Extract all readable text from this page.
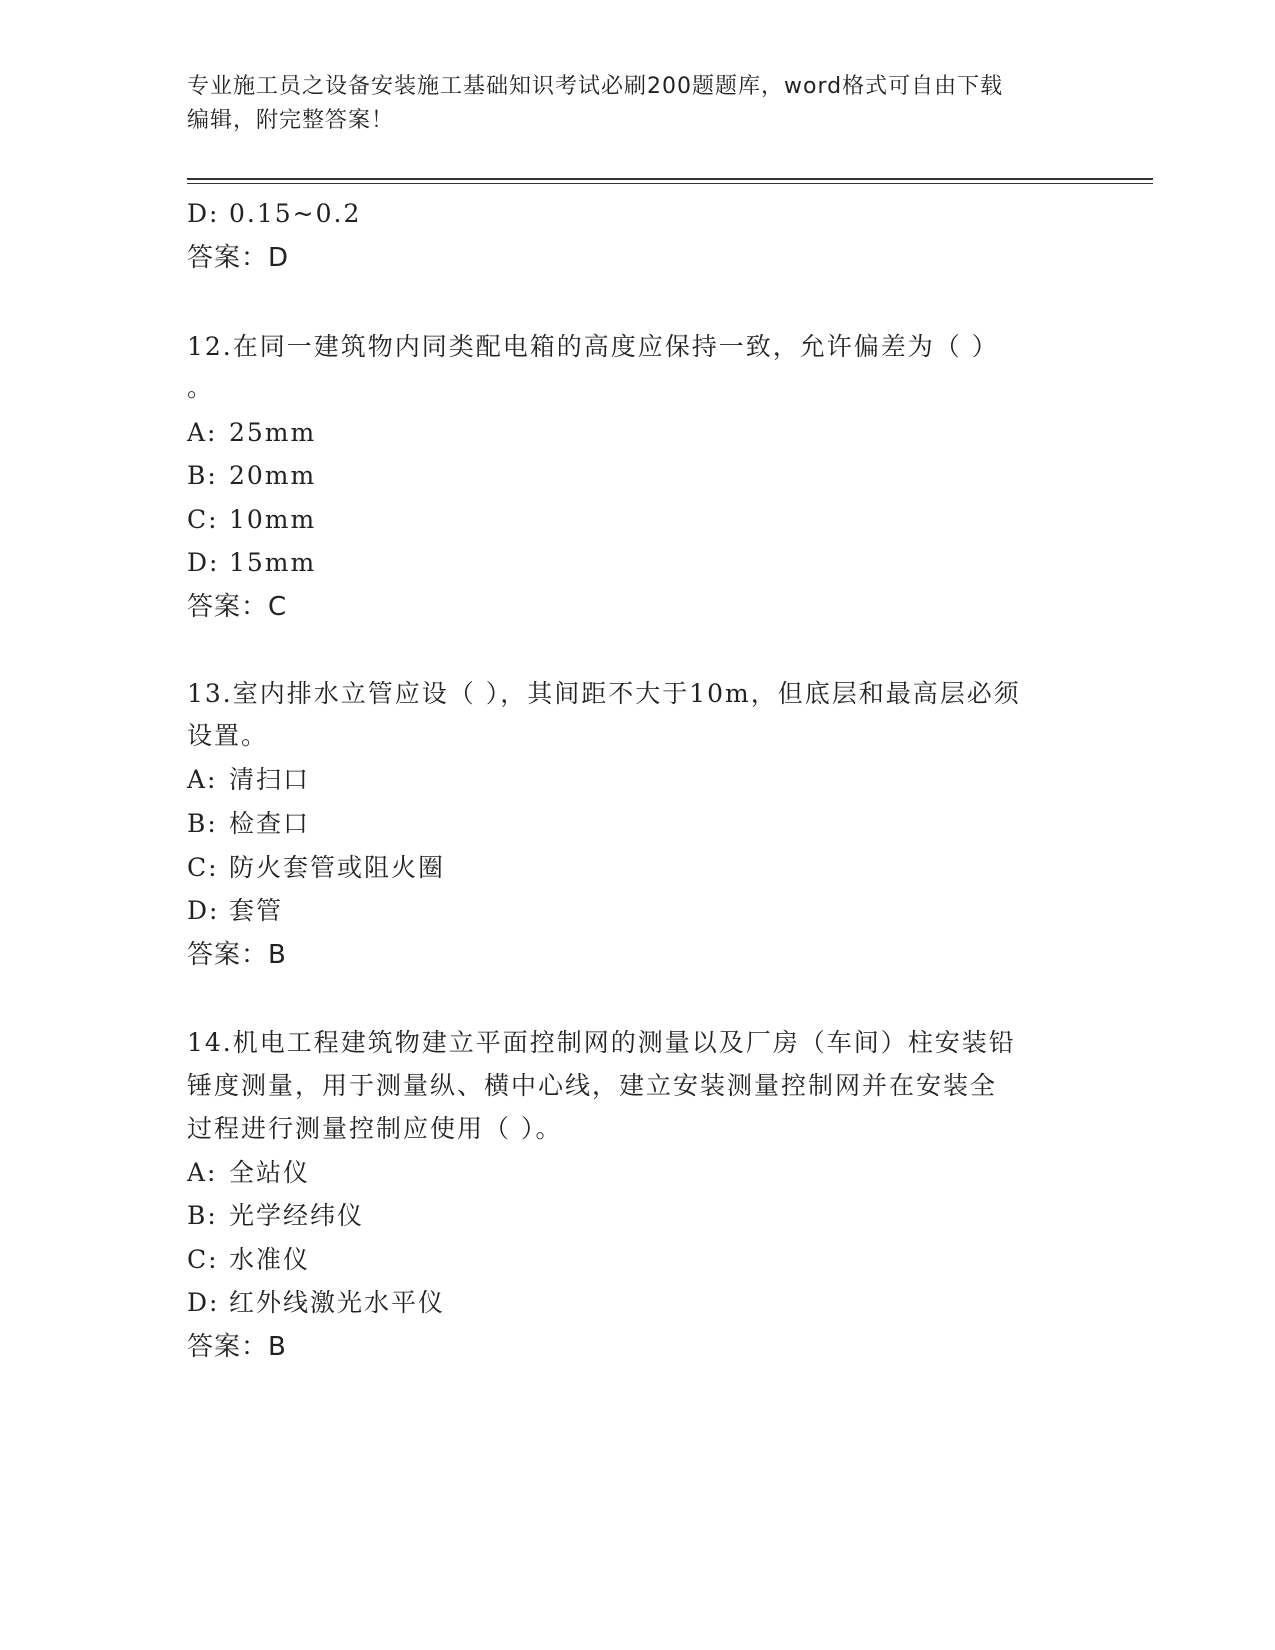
专业施工员之设备安装施工基础知识考试必刷200题题库，word格式可自由下载
编辑，附完整答案！
D: 0.15~0.2
答案：D
12.在同一建筑物内同类配电箱的高度应保持一致，允许偏差为（ ）
。
A: 25mm
B: 20mm
C: 10mm
D: 15mm
答案：C
13.室内排水立管应设（ ），其间距不大于10m，但底层和最高层必须
设置。
A: 清扫口
B: 检查口
C: 防火套管或阻火圈
D: 套管
答案：B
14.机电工程建筑物建立平面控制网的测量以及厂房（车间）柱安装铅
锤度测量，用于测量纵、横中心线，建立安装测量控制网并在安装全
过程进行测量控制应使用（ ）。
A: 全站仪
B: 光学经纬仪
C: 水准仪
D: 红外线激光水平仪
答案：B
